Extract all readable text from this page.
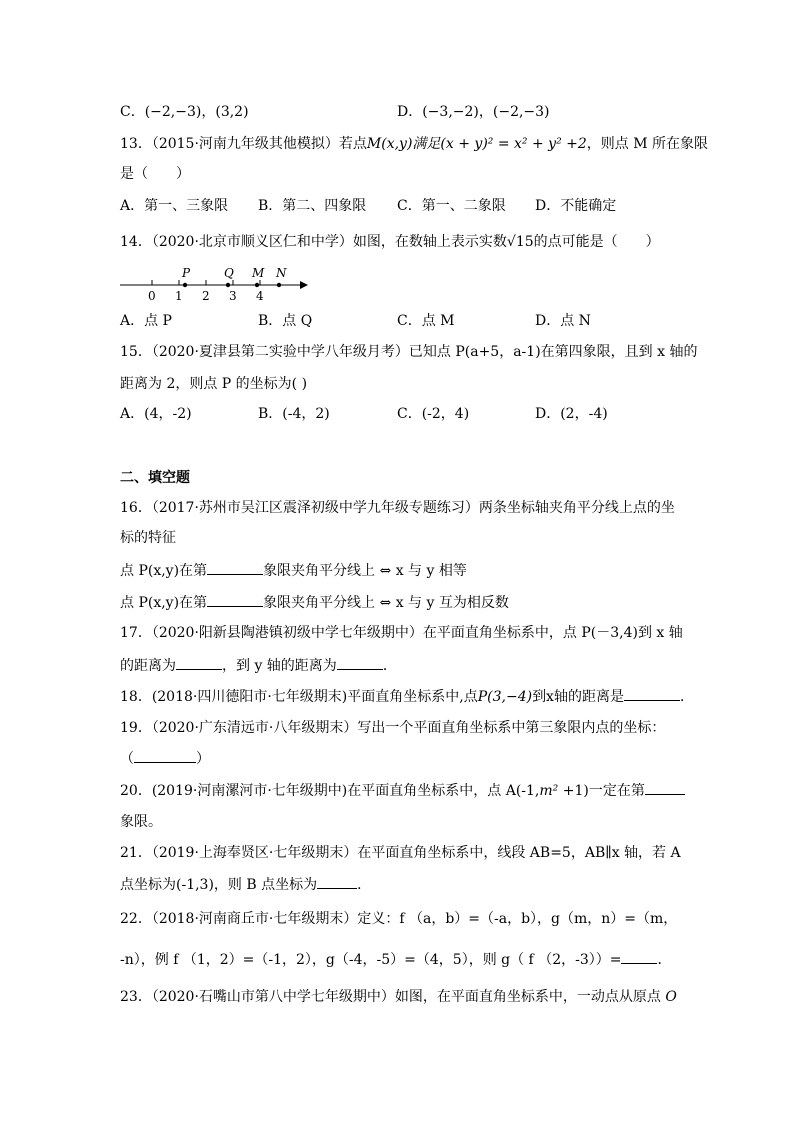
C．(−2,−3)，(3,2)	D．(−3,−2)，(−2,−3)
13．（2015·河南九年级其他模拟）若点M(x,y)满足(x + y)² = x² + y² +2，则点 M 所在象限
是（　　）
A．第一、三象限 B．第二、四象限 C．第一、二象限 D．不能确定
14．（2020·北京市顺义区仁和中学）如图，在数轴上表示实数√15的点可能是（　　）
0 1 2 3 4
P	Q M N
A．点 P	B．点 Q	C．点 M	D．点 N
15．（2020·夏津县第二实验中学八年级月考）已知点 P(a+5，a-1)在第四象限，且到 x 轴的
距离为 2，则点 P 的坐标为( )
A．(4，-2)	B．(-4，2)	C．(-2，4)	D．(2，-4)
二、填空题
16．（2017·苏州市吴江区震泽初级中学九年级专题练习）两条坐标轴夹角平分线上点的坐
标的特征
点 P(x,y)在第	象限夹角平分线上 ⇔ x 与 y 相等
点 P(x,y)在第	象限夹角平分线上 ⇔ x 与 y 互为相反数
17．（2020·阳新县陶港镇初级中学七年级期中）在平面直角坐标系中，点 P(－3,4)到 x 轴
的距离为	，到 y 轴的距离为	．
18．(2018·四川德阳市·七年级期末)平面直角坐标系中,点P(3,−4)到x轴的距离是	．
19．（2020·广东清远市·八年级期末）写出一个平面直角坐标系中第三象限内点的坐标：
（	）
20．(2019·河南漯河市·七年级期中)在平面直角坐标系中，点 A(-1,m² +1)一定在第
象限。
21．（2019·上海奉贤区·七年级期末）在平面直角坐标系中，线段 AB=5，AB∥x 轴，若 A
点坐标为(-1,3)，则 B 点坐标为	．
22．（2018·河南商丘市·七年级期末）定义：f （a，b）=（-a，b），g（m，n）=（m，
-n），例 f （1，2）=（-1，2），g（-4，-5）=（4，5），则 g（ f （2，-3））=	．
23．（2020·石嘴山市第八中学七年级期中）如图，在平面直角坐标系中，一动点从原点 O
